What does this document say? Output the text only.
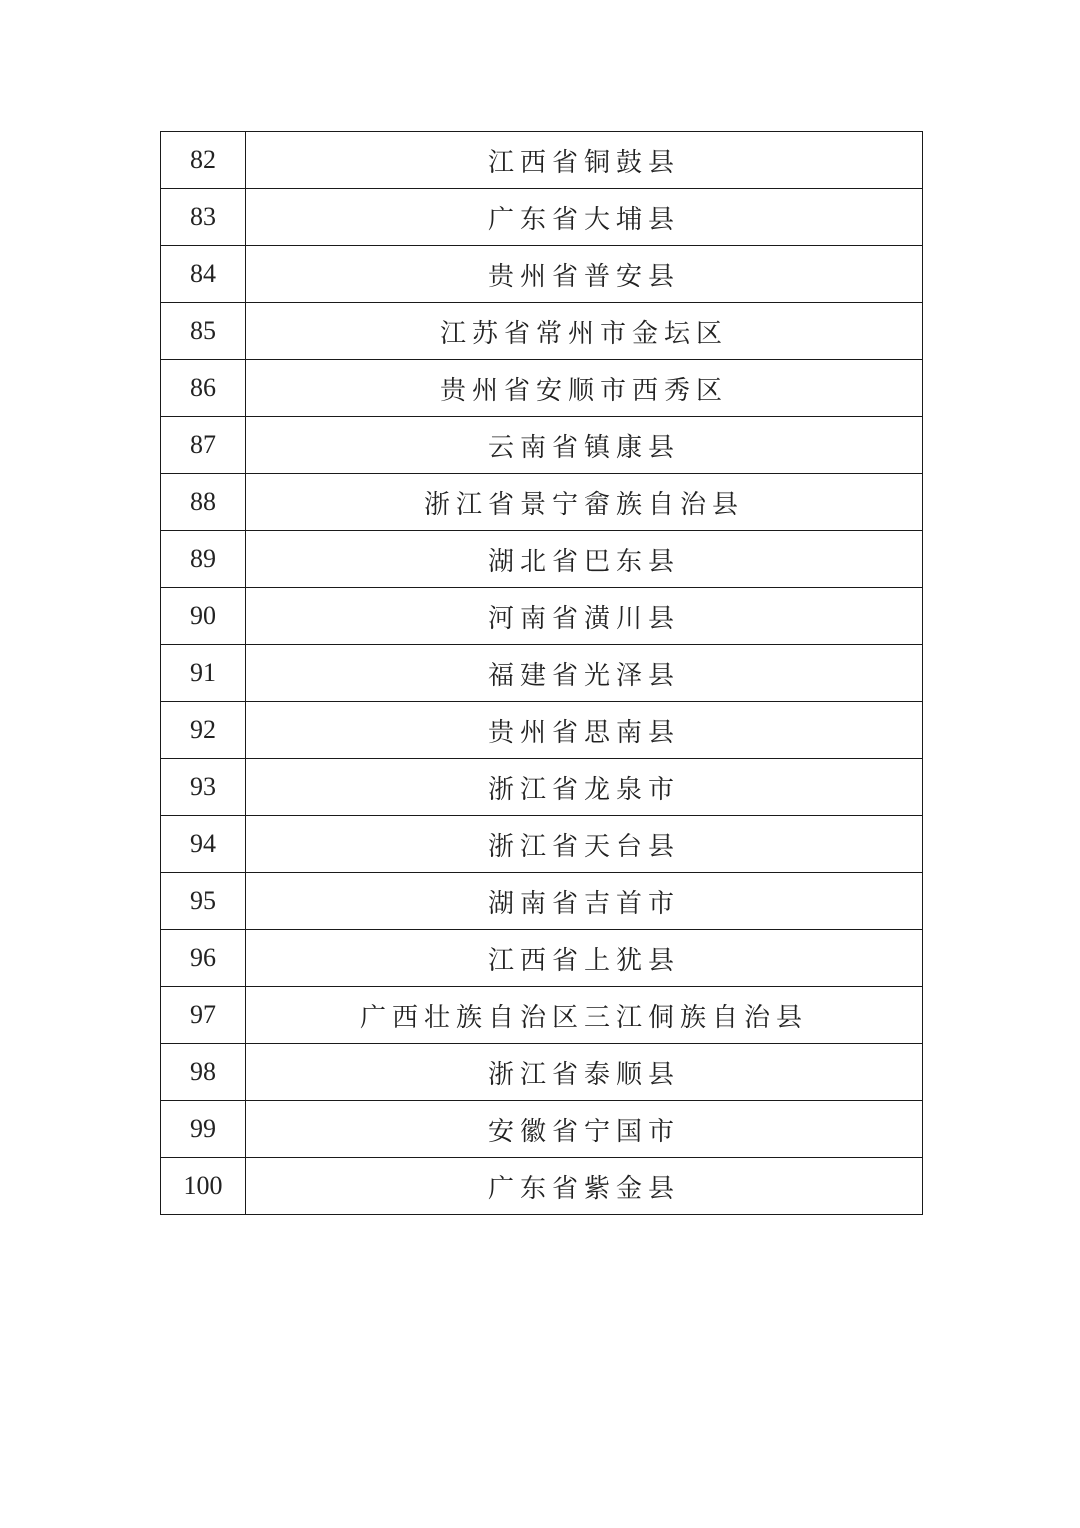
82	江西省铜鼓县
83	广东省大埔县
84	贵州省普安县
85	江苏省常州市金坛区
86	贵州省安顺市西秀区
87	云南省镇康县
88	浙江省景宁畲族自治县
89	湖北省巴东县
90	河南省潢川县
91	福建省光泽县
92	贵州省思南县
93	浙江省龙泉市
94	浙江省天台县
95	湖南省吉首市
96	江西省上犹县
97	广西壮族自治区三江侗族自治县
98	浙江省泰顺县
99	安徽省宁国市
100	广东省紫金县
